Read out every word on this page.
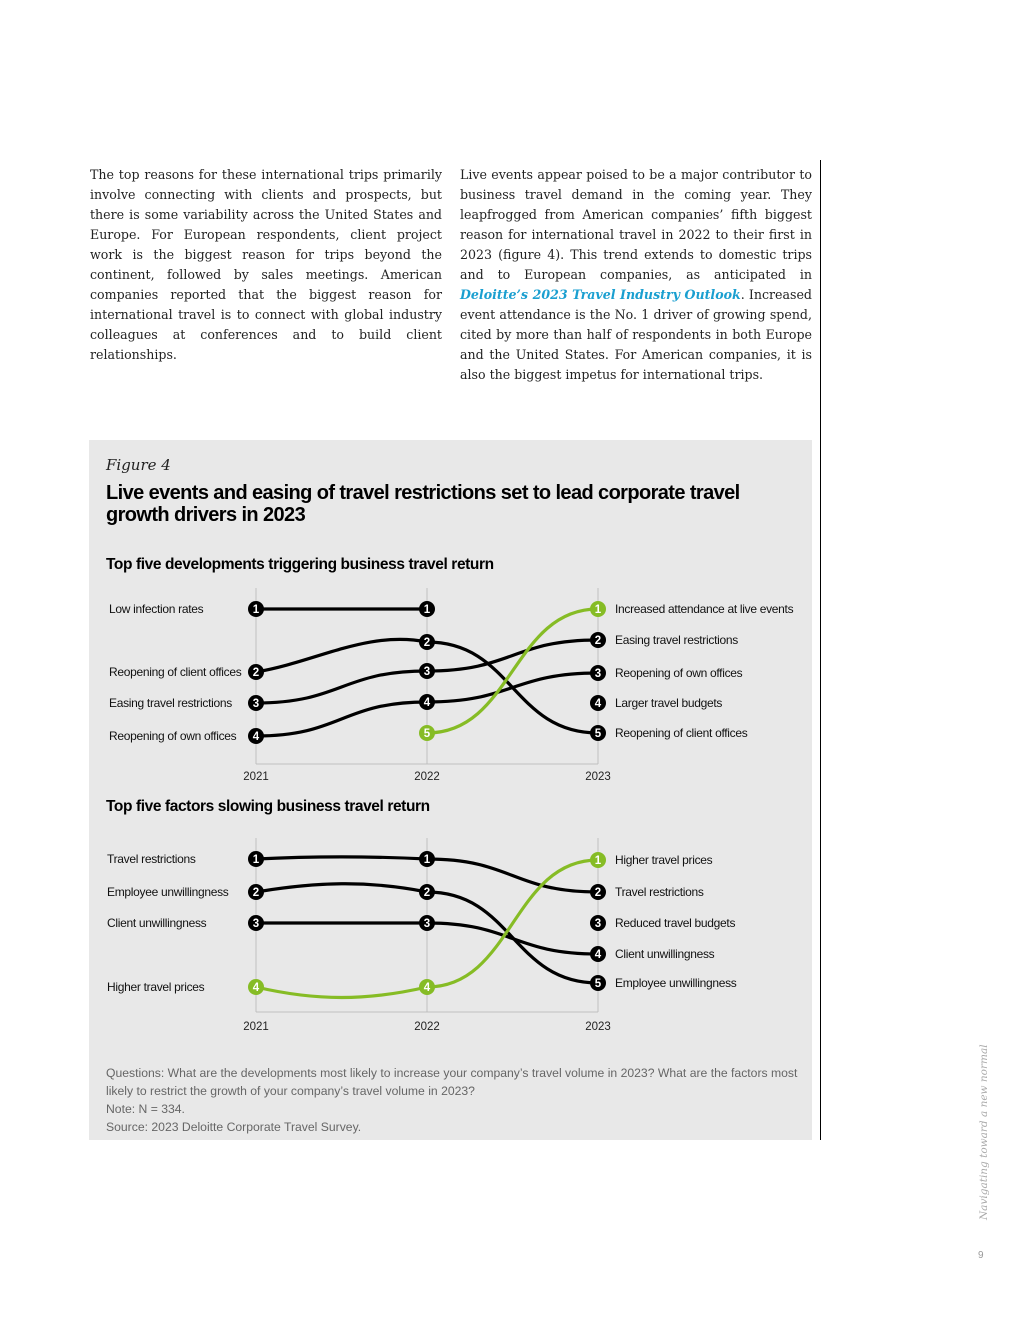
The top reasons for these international trips primarily involve connecting with clients and prospects, but there is some variability across the United States and Europe. For European respondents, client project work is the biggest reason for trips beyond the continent, followed by sales meetings. American companies reported that the biggest reason for international travel is to connect with global industry colleagues at conferences and to build client relationships.

Live events appear poised to be a major contributor to business travel demand in the coming year. They leapfrogged from American companies’ fifth biggest reason for international travel in 2022 to their first in 2023 (figure 4). This trend extends to domestic trips and to European companies, as anticipated in Deloitte’s 2023 Travel Industry Outlook. Increased event attendance is the No. 1 driver of growing spend, cited by more than half of respondents in both Europe and the United States. For American companies, it is also the biggest impetus for international trips.

Figure 4
Live events and easing of travel restrictions set to lead corporate travel growth drivers in 2023
Top five developments triggering business travel return
2021	2022	2023
1	1
2
2
5
3
3
2
4
4
3
5
1
4
Low infection rates
Reopening of client offices
Easing travel restrictions
Reopening of own offices
Increased attendance at live events
Easing travel restrictions
Reopening of own offices
Larger travel budgets
Reopening of client offices
Top five factors slowing business travel return
2021	2022	2023
1	1
2
2	2
5
3	3
4
4	4
1
3
Travel restrictions
Employee unwillingness
Client unwillingness
Higher travel prices
Higher travel prices
Travel restrictions
Reduced travel budgets
Client unwillingness
Employee unwillingness
Questions: What are the developments most likely to increase your company’s travel volume in 2023? What are the factors most likely to restrict the growth of your company’s travel volume in 2023?
Note: N = 334.
Source: 2023 Deloitte Corporate Travel Survey.	Navigating toward a new normal
9
